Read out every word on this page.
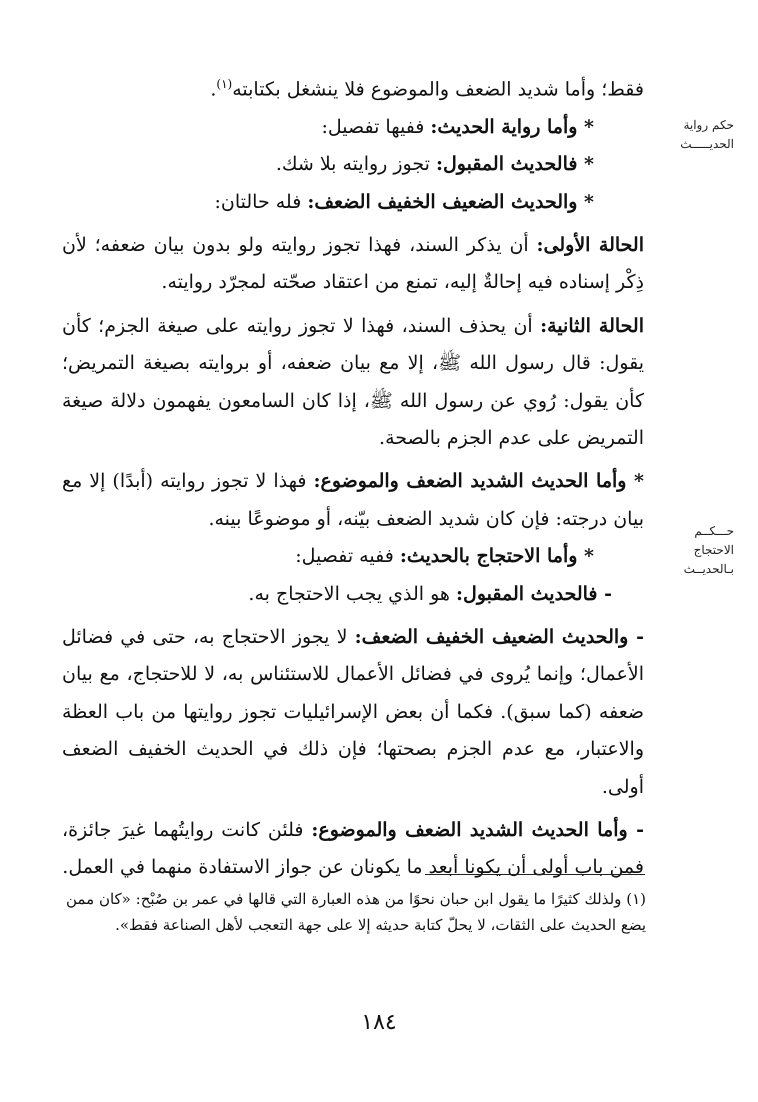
حكم رواية
الحديـــــث
حـــكــم
الاحتجاج
بـالحديــث

فقط؛ وأما شديد الضعف والموضوع فلا ينشغل بكتابته$^{(١)}$.

* وأما رواية الحديث: ففيها تفصيل:

* فالحديث المقبول: تجوز روايته بلا شك.

* والحديث الضعيف الخفيف الضعف: فله حالتان:

الحالة الأولى: أن يذكر السند، فهذا تجوز روايته ولو بدون بيان ضعفه؛ لأن ذِكْر إسناده فيه إحالةٌ إليه، تمنع من اعتقاد صحّته لمجرّد روايته.

الحالة الثانية: أن يحذف السند، فهذا لا تجوز روايته على صيغة الجزم؛ كأن يقول: قال رسول الله ﷺ، إلا مع بيان ضعفه، أو بروايته بصيغة التمريض؛ كأن يقول: رُوي عن رسول الله ﷺ، إذا كان السامعون يفهمون دلالة صيغة التمريض على عدم الجزم بالصحة.

* وأما الحديث الشديد الضعف والموضوع: فهذا لا تجوز روايته (أبدًا) إلا مع بيان درجته: فإن كان شديد الضعف بيّنه، أو موضوعًا بينه.

* وأما الاحتجاج بالحديث: ففيه تفصيل:

- فالحديث المقبول: هو الذي يجب الاحتجاج به.

- والحديث الضعيف الخفيف الضعف: لا يجوز الاحتجاج به، حتى في فضائل الأعمال؛ وإنما يُروى في فضائل الأعمال للاستئناس به، لا للاحتجاج، مع بيان ضعفه (كما سبق). فكما أن بعض الإسرائيليات تجوز روايتها من باب العظة والاعتبار، مع عدم الجزم بصحتها؛ فإن ذلك في الحديث الخفيف الضعف أولى.

- وأما الحديث الشديد الضعف والموضوع: فلئن كانت روايتُهما غيرَ جائزة، فمن باب أولى أن يكونا أبعد ما يكونان عن جواز الاستفادة منهما في العمل.

(١) ولذلك كثيرًا ما يقول ابن حبان نحوًا من هذه العبارة التي قالها في عمر بن صُبْح: «كان ممن يضع الحديث على الثقات، لا يحلّ كتابة حديثه إلا على جهة التعجب لأهل الصناعة فقط».

١٨٤
